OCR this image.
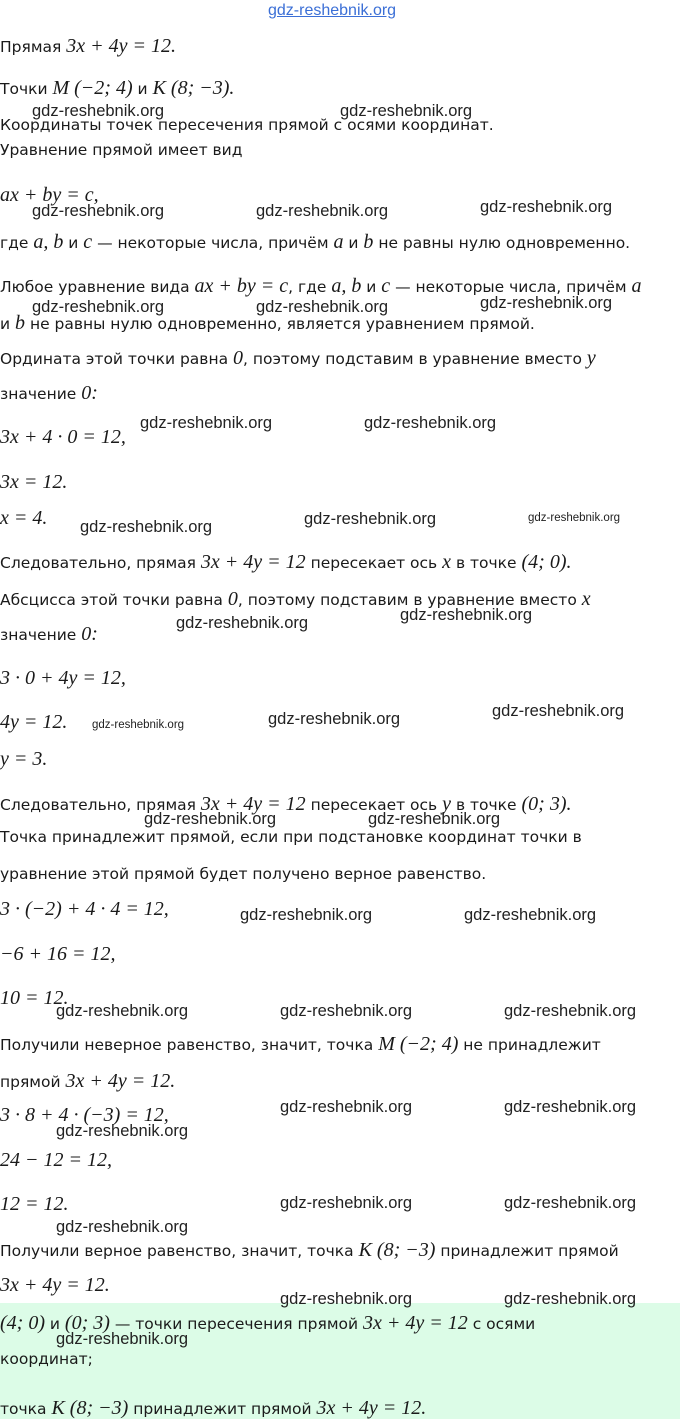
Прямая 3x + 4y = 12.
Точки M (−2; 4) и K (8; −3).
Координаты точек пересечения прямой с осями координат.
Уравнение прямой имеет вид
ax + by = c,
где a, b и c — некоторые числа, причём a и b не равны нулю одновременно.
Любое уравнение вида ax + by = c, где a, b и c — некоторые числа, причём a
и b не равны нулю одновременно, является уравнением прямой.
Ордината этой точки равна 0, поэтому подставим в уравнение вместо y
значение 0:
3x + 4 · 0 = 12,
3x = 12.
x = 4.
Следовательно, прямая 3x + 4y = 12 пересекает ось x в точке (4; 0).
Абсцисса этой точки равна 0, поэтому подставим в уравнение вместо x
значение 0:
3 · 0 + 4y = 12,
4y = 12.
y = 3.
Следовательно, прямая 3x + 4y = 12 пересекает ось y в точке (0; 3).
Точка принадлежит прямой, если при подстановке координат точки в
уравнение этой прямой будет получено верное равенство.
3 · (−2) + 4 · 4 = 12,
−6 + 16 = 12,
10 = 12.
Получили неверное равенство, значит, точка M (−2; 4) не принадлежит
прямой 3x + 4y = 12.
3 · 8 + 4 · (−3) = 12,
24 − 12 = 12,
12 = 12.
Получили верное равенство, значит, точка K (8; −3) принадлежит прямой
3x + 4y = 12.
(4; 0) и (0; 3) — точки пересечения прямой 3x + 4y = 12 с осями
координат;
точка K (8; −3) принадлежит прямой 3x + 4y = 12.
gdz-reshebnik.org
gdz-reshebnik.org	gdz-reshebnik.org
gdz-reshebnik.org	gdz-reshebnik.org	gdz-reshebnik.org
gdz-reshebnik.org	gdz-reshebnik.org	gdz-reshebnik.org
gdz-reshebnik.org	gdz-reshebnik.org
gdz-reshebnik.org	gdz-reshebnik.org	gdz-reshebnik.org
gdz-reshebnik.org	gdz-reshebnik.org
gdz-reshebnik.org	gdz-reshebnik.org	gdz-reshebnik.org
gdz-reshebnik.org	gdz-reshebnik.org
gdz-reshebnik.org	gdz-reshebnik.org
gdz-reshebnik.org	gdz-reshebnik.org	gdz-reshebnik.org
gdz-reshebnik.org	gdz-reshebnik.org
gdz-reshebnik.org
gdz-reshebnik.org	gdz-reshebnik.org
gdz-reshebnik.org
gdz-reshebnik.org	gdz-reshebnik.org
gdz-reshebnik.org
